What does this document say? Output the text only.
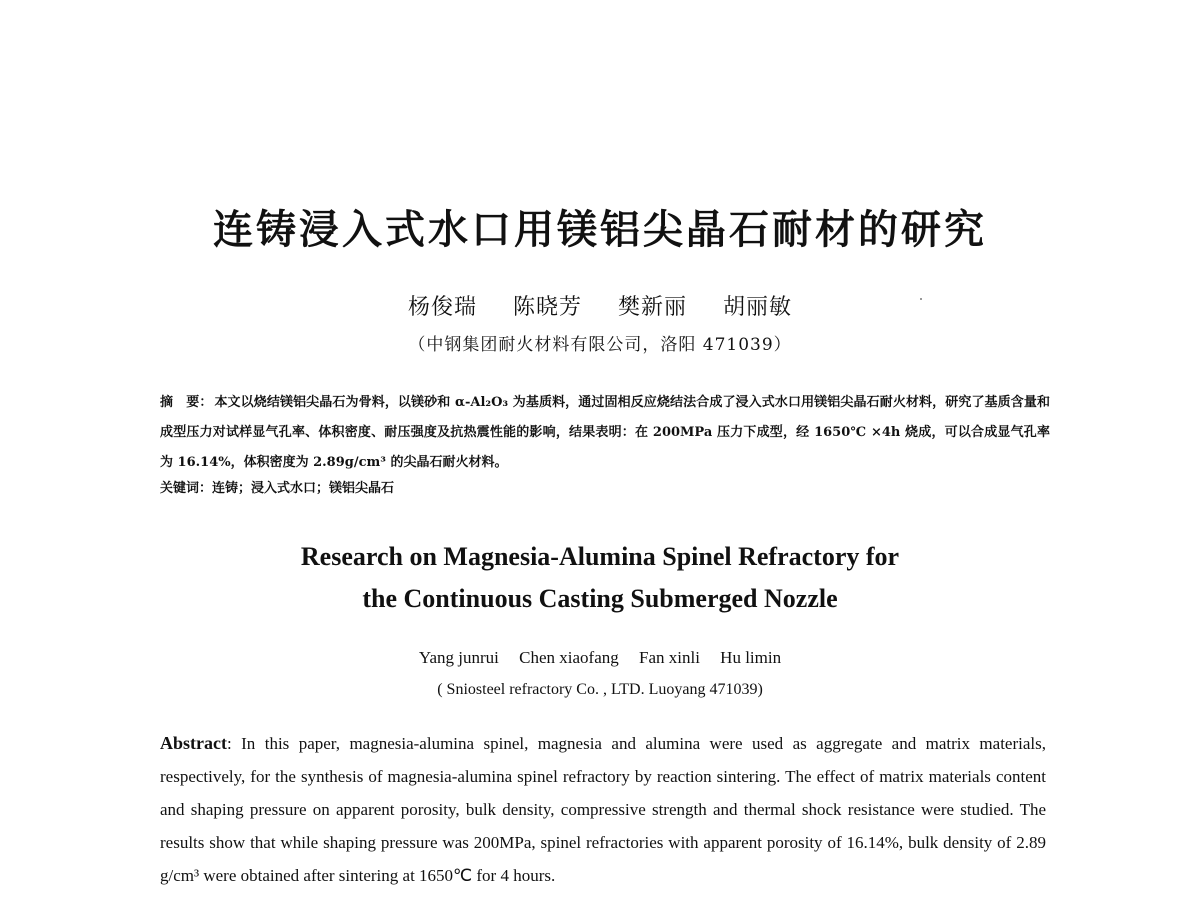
连铸浸入式水口用镁铝尖晶石耐材的研究
杨俊瑞 陈晓芳 樊新丽 胡丽敏
（中钢集团耐火材料有限公司，洛阳 471039）
摘　要： 本文以烧结镁铝尖晶石为骨料，以镁砂和 α-Al₂O₃ 为基质料，通过固相反应烧结法合成了浸入式水口用镁铝尖晶石耐火材料，研究了基质含量和成型压力对试样显气孔率、体积密度、耐压强度及抗热震性能的影响，结果表明：在 200MPa 压力下成型，经 1650℃ ×4h 烧成，可以合成显气孔率为 16.14%，体积密度为 2.89g/cm³ 的尖晶石耐火材料。
关键词：连铸；浸入式水口；镁铝尖晶石
Research on Magnesia-Alumina Spinel Refractory for
the Continuous Casting Submerged Nozzle
Yang junrui Chen xiaofang Fan xinli Hu limin
( Sniosteel refractory Co. , LTD. Luoyang 471039)

Abstract: In this paper, magnesia-alumina spinel, magnesia and alumina were used as aggregate and matrix materials, respectively, for the synthesis of magnesia-alumina spinel refractory by reaction sintering. The effect of matrix materials content and shaping pressure on apparent porosity, bulk density, compressive strength and thermal shock resistance were studied. The results show that while shaping pressure was 200MPa, spinel refractories with apparent porosity of 16.14%, bulk density of 2.89 g/cm³ were obtained after sintering at 1650℃ for 4 hours.
